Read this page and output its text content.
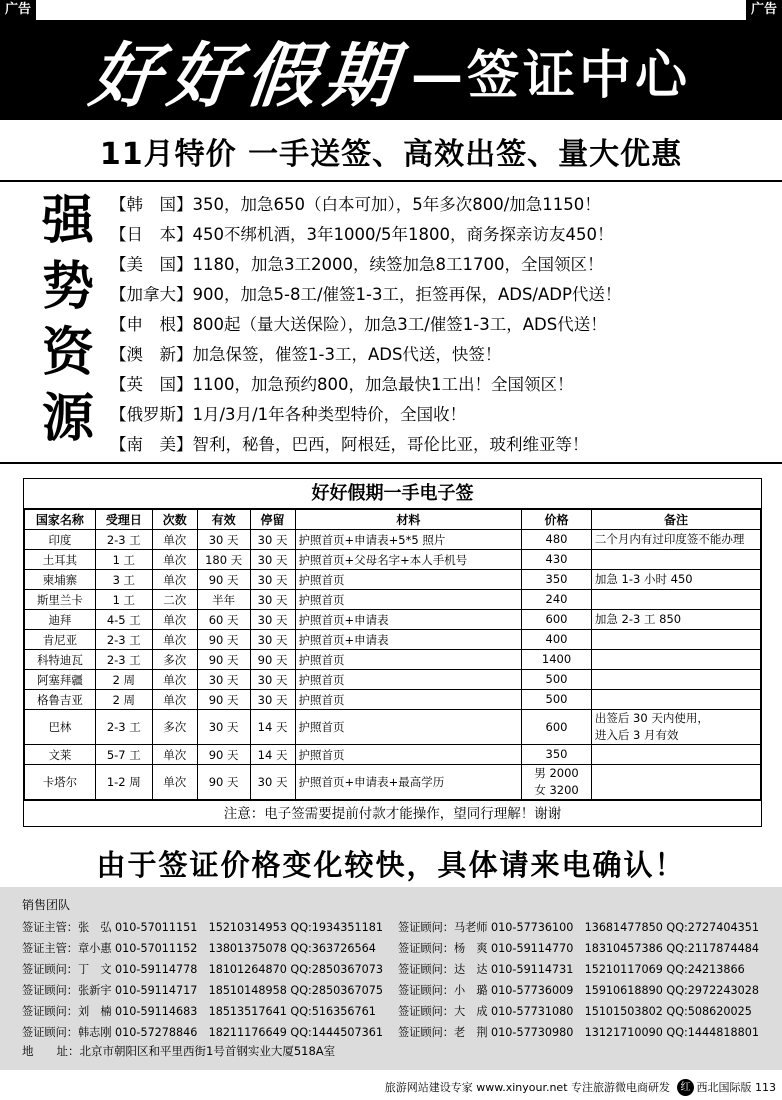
广告	广告
好好假期 —签证中心
11月特价 一手送签、高效出签、量大优惠
强
势
资
源
【韩　国】350，加急650（白本可加），5年多次800/加急1150！
【日　本】450不绑机酒，3年1000/5年1800，商务探亲访友450！
【美　国】1180，加急3工2000，续签加急8工1700，全国领区！
【加拿大】900，加急5-8工/催签1-3工，拒签再保，ADS/ADP代送！
【申　根】800起（量大送保险），加急3工/催签1-3工，ADS代送！
【澳　新】加急保签，催签1-3工，ADS代送，快签！
【英　国】1100，加急预约800，加急最快1工出！全国领区！
【俄罗斯】1月/3月/1年各种类型特价，全国收！
【南　美】智利，秘鲁，巴西，阿根廷，哥伦比亚，玻利维亚等！
好好假期一手电子签
国家名称	受理日	次数	有效	停留	材料	价格	备注
印度	2-3 工	单次	30 天	30 天	护照首页+申请表+5*5 照片	480	二个月内有过印度签不能办理
土耳其	1 工	单次	180 天	30 天	护照首页+父母名字+本人手机号	430	
柬埔寨	3 工	单次	90 天	30 天	护照首页	350	加急 1-3 小时 450
斯里兰卡	1 工	二次	半年	30 天	护照首页	240	
迪拜	4-5 工	单次	60 天	30 天	护照首页+申请表	600	加急 2-3 工 850
肯尼亚	2-3 工	单次	90 天	30 天	护照首页+申请表	400	
科特迪瓦	2-3 工	多次	90 天	90 天	护照首页	1400	
阿塞拜疆	2 周	单次	30 天	30 天	护照首页	500	
格鲁吉亚	2 周	单次	90 天	30 天	护照首页	500	
巴林	2-3 工	多次	30 天	14 天	护照首页	600	出签后 30 天内使用，
进入后 3 月有效
文莱	5-7 工	单次	90 天	14 天	护照首页	350	
卡塔尔	1-2 周	单次	90 天	30 天	护照首页+申请表+最高学历	男 2000
女 3200	
注意：电子签需要提前付款才能操作，望同行理解！谢谢
由于签证价格变化较快，具体请来电确认！
销售团队
签证主管：张　弘 010-57011151　15210314953 QQ:1934351181
签证主管：章小惠 010-57011152　13801375078 QQ:363726564
签证顾问：丁　文 010-59114778　18101264870 QQ:2850367073
签证顾问：张新宇 010-59114717　18510148958 QQ:2850367075
签证顾问：刘　楠 010-59114683　18513517641 QQ:516356761
签证顾问：韩志刚 010-57278846　18211176649 QQ:1444507361
签证顾问：马老师 010-57736100　13681477850 QQ:2727404351
签证顾问：杨　爽 010-59114770　18310457386 QQ:2117874484
签证顾问：达　达 010-59114731　15210117069 QQ:24213866
签证顾问：小　璐 010-57736009　15910618890 QQ:2972243028
签证顾问：大　成 010-57731080　15101503802 QQ:508620025
签证顾问：老　荆 010-57730980　13121710090 QQ:1444818801
地　　址：北京市朝阳区和平里西街1号首钢实业大厦518A室
旅游网站建设专家 www.xinyour.net 专注旅游微电商研发	红 西北国际版 113
